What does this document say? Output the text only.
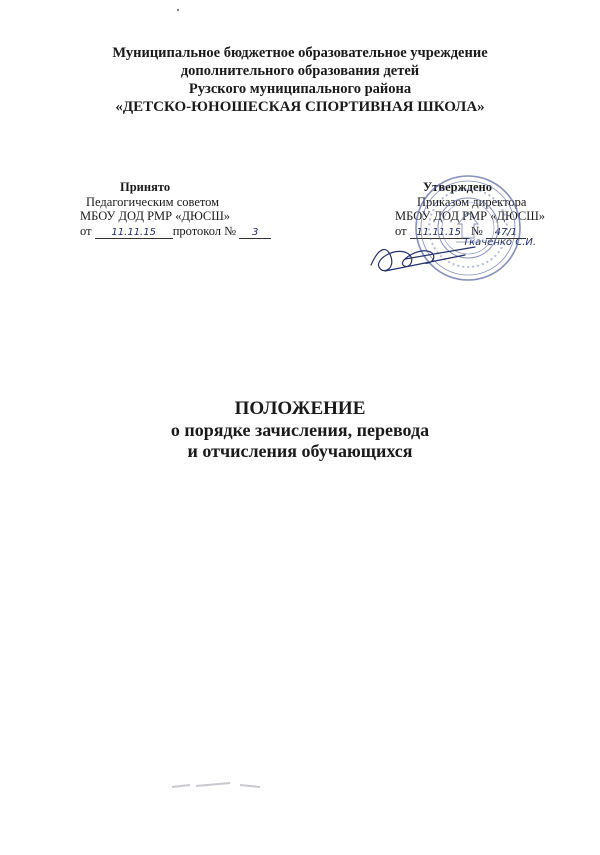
Муниципальное бюджетное образовательное учреждение
дополнительного образования детей
Рузского муниципального района
«ДЕТСКО-ЮНОШЕСКАЯ СПОРТИВНАЯ ШКОЛА»
Принято
Педагогическим советом
МБОУ ДОД РМР «ДЮСШ»
от 11.11.15 протокол № 3
Утверждено
Приказом директора
МБОУ ДОД РМР «ДЮСШ»
от 11.11.15 № 47/1
Ткаченко С.И.
ПОЛОЖЕНИЕ
о порядке зачисления, перевода
и отчисления обучающихся
